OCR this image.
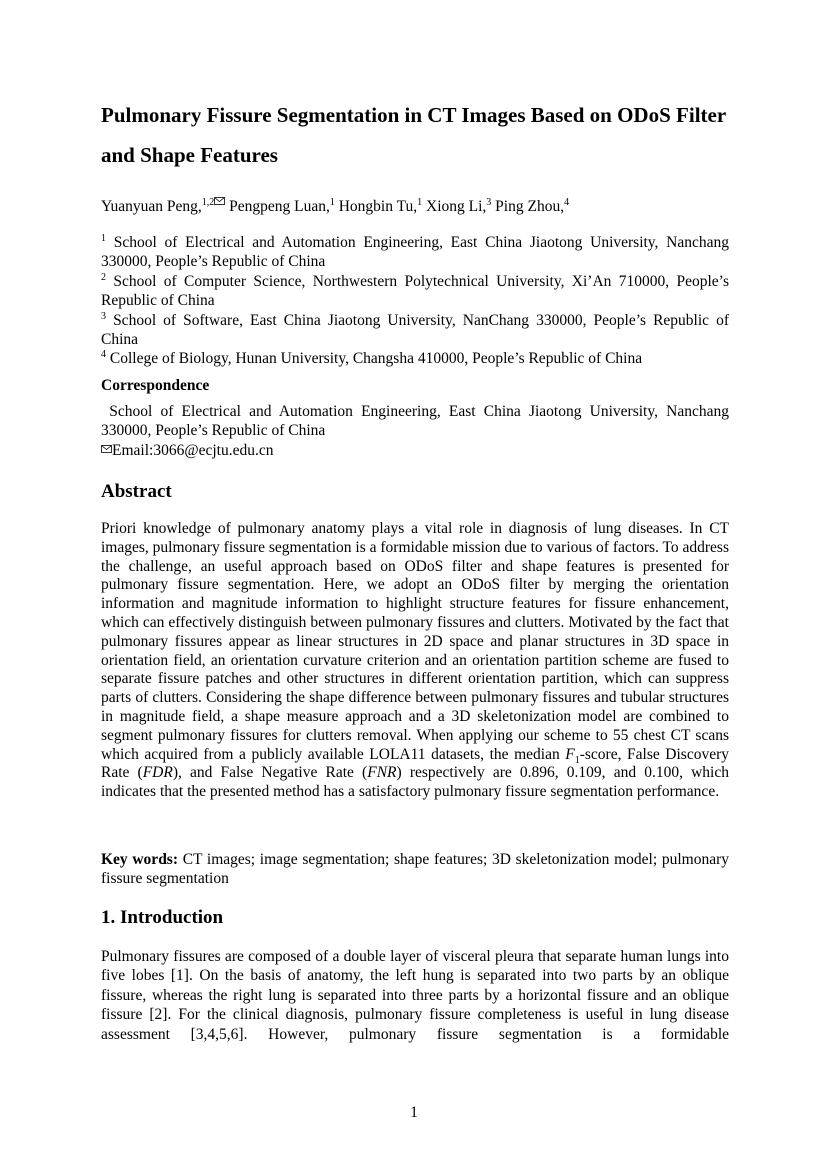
Pulmonary Fissure Segmentation in CT Images Based on ODoS Filter and Shape Features
Yuanyuan Peng,$^{1,2}$ Pengpeng Luan,$^1$ Hongbin Tu,$^1$ Xiong Li,$^3$ Ping Zhou,$^4$

$^1$ School of Electrical and Automation Engineering, East China Jiaotong University, Nanchang 330000, People’s Republic of China

$^2$ School of Computer Science, Northwestern Polytechnical University, Xi’An 710000, People’s Republic of China

$^3$ School of Software, East China Jiaotong University, NanChang 330000, People’s Republic of China

$^4$ College of Biology, Hunan University, Changsha 410000, People’s Republic of China

Correspondence

School of Electrical and Automation Engineering, East China Jiaotong University, Nanchang 330000, People’s Republic of China

Email:3066@ecjtu.edu.cn

Abstract

Priori knowledge of pulmonary anatomy plays a vital role in diagnosis of lung diseases. In CT images, pulmonary fissure segmentation is a formidable mission due to various of factors. To address the challenge, an useful approach based on ODoS filter and shape features is presented for pulmonary fissure segmentation. Here, we adopt an ODoS filter by merging the orientation information and magnitude information to highlight structure features for fissure enhancement, which can effectively distinguish between pulmonary fissures and clutters. Motivated by the fact that pulmonary fissures appear as linear structures in 2D space and planar structures in 3D space in orientation field, an orientation curvature criterion and an orientation partition scheme are fused to separate fissure patches and other structures in different orientation partition, which can suppress parts of clutters. Considering the shape difference between pulmonary fissures and tubular structures in magnitude field, a shape measure approach and a 3D skeletonization model are combined to segment pulmonary fissures for clutters removal. When applying our scheme to 55 chest CT scans which acquired from a publicly available LOLA11 datasets, the median $F_1$-score, False Discovery Rate (FDR), and False Negative Rate (FNR) respectively are 0.896, 0.109, and 0.100, which indicates that the presented method has a satisfactory pulmonary fissure segmentation performance.

Key words: CT images; image segmentation; shape features; 3D skeletonization model; pulmonary fissure segmentation

1. Introduction

Pulmonary fissures are composed of a double layer of visceral pleura that separate human lungs into five lobes [1]. On the basis of anatomy, the left hung is separated into two parts by an oblique fissure, whereas the right lung is separated into three parts by a horizontal fissure and an oblique fissure [2]. For the clinical diagnosis, pulmonary fissure completeness is useful in lung disease assessment [3,4,5,6]. However, pulmonary fissure segmentation is a formidable

1
